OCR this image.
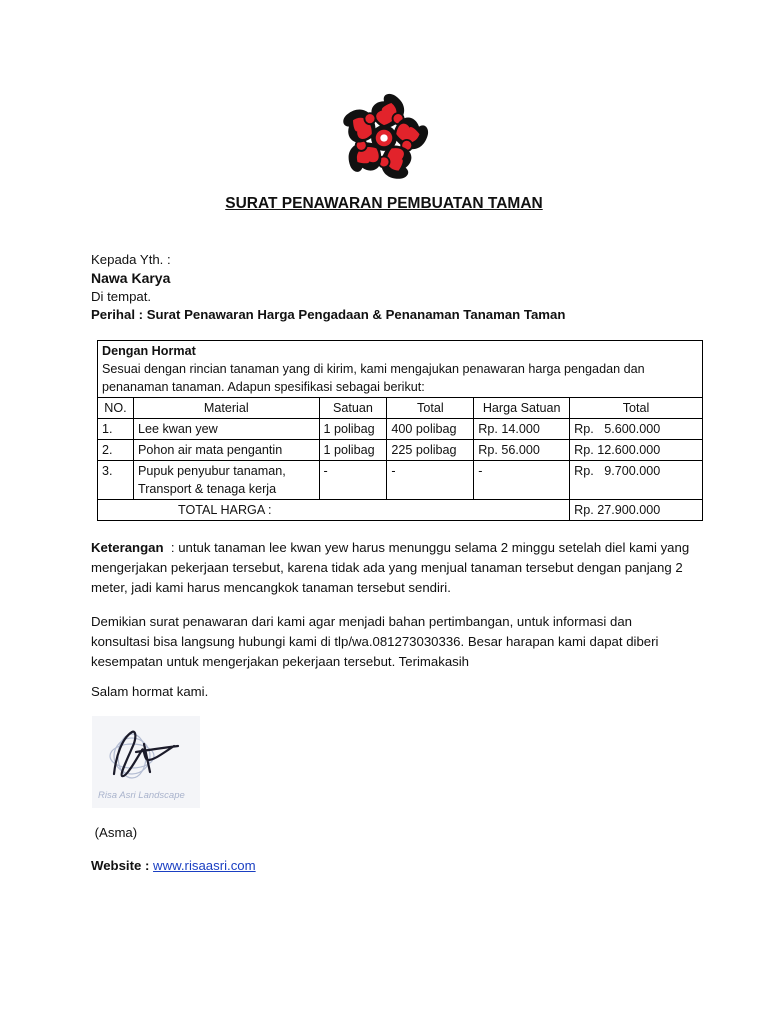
SURAT PENAWARAN PEMBUATAN TAMAN
Kepada Yth. :
Nawa Karya
Di tempat.
Perihal : Surat Penawaran Harga Pengadaan & Penanaman Tanaman Taman
Dengan Hormat
Sesuai dengan rincian tanaman yang di kirim, kami mengajukan penawaran harga pengadan dan penanaman tanaman. Adapun spesifikasi sebagai berikut:					

NO.	Material	Satuan	Total	Harga Satuan	Total
1.	Lee kwan yew	1 polibag	400 polibag	Rp. 14.000	Rp.   5.600.000
2.	Pohon air mata pengantin	1 polibag	225 polibag	Rp. 56.000	Rp. 12.600.000
3.	Pupuk penyubur tanaman, Transport & tenaga kerja	-	-	-	Rp.   9.700.000
TOTAL HARGA :					Rp. 27.900.000
Keterangan  : untuk tanaman lee kwan yew harus menunggu selama 2 minggu setelah diel kami yang mengerjakan pekerjaan tersebut, karena tidak ada yang menjual tanaman tersebut dengan panjang 2 meter, jadi kami harus mencangkok tanaman tersebut sendiri.
Demikian surat penawaran dari kami agar menjadi bahan pertimbangan, untuk informasi dan konsultasi bisa langsung hubungi kami di tlp/wa.081273030336. Besar harapan kami dapat diberi kesempatan untuk mengerjakan pekerjaan tersebut. Terimakasih
Salam hormat kami.
Risa Asri Landscape
(Asma)
Website : www.risaasri.com
